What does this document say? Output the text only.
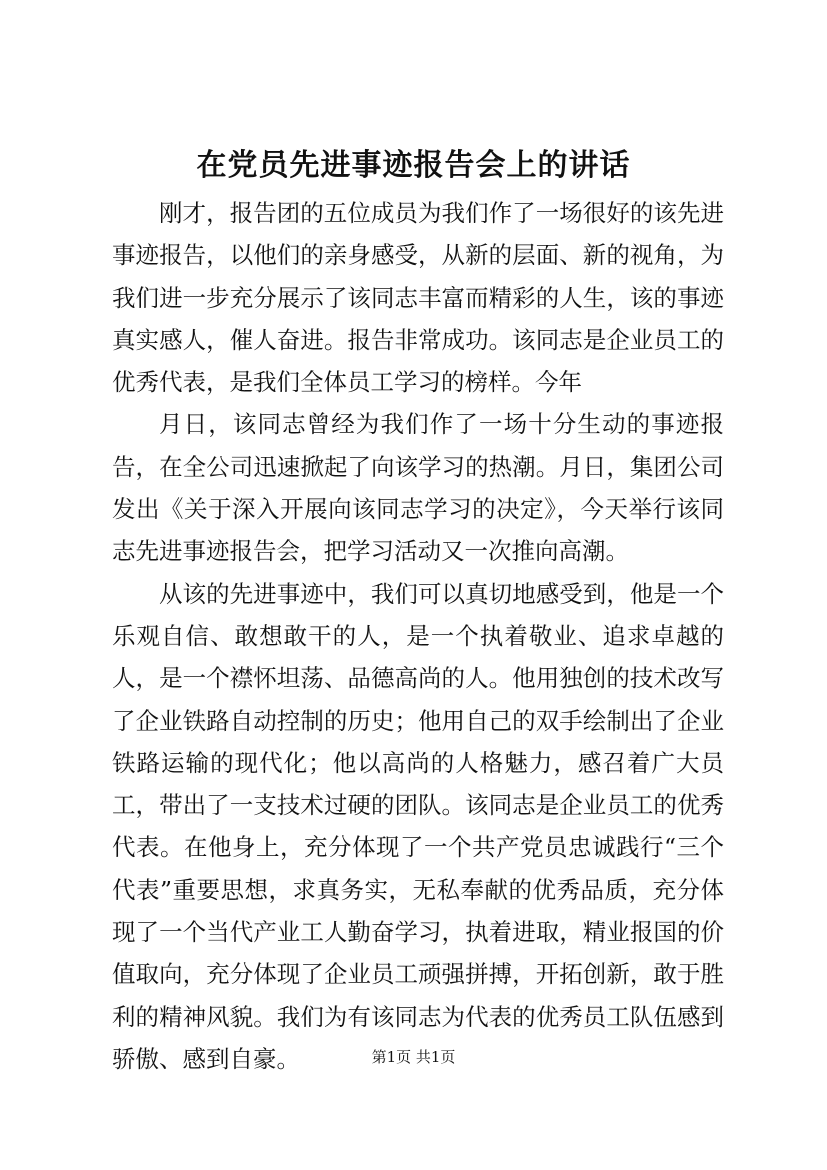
在党员先进事迹报告会上的讲话

刚才，报告团的五位成员为我们作了一场很好的该先进事迹报告，以他们的亲身感受，从新的层面、新的视角，为我们进一步充分展示了该同志丰富而精彩的人生，该的事迹真实感人，催人奋进。报告非常成功。该同志是企业员工的优秀代表，是我们全体员工学习的榜样。今年

月日，该同志曾经为我们作了一场十分生动的事迹报告，在全公司迅速掀起了向该学习的热潮。月日，集团公司发出《关于深入开展向该同志学习的决定》，今天举行该同志先进事迹报告会，把学习活动又一次推向高潮。

从该的先进事迹中，我们可以真切地感受到，他是一个乐观自信、敢想敢干的人，是一个执着敬业、追求卓越的人，是一个襟怀坦荡、品德高尚的人。他用独创的技术改写了企业铁路自动控制的历史；他用自己的双手绘制出了企业铁路运输的现代化；他以高尚的人格魅力，感召着广大员工，带出了一支技术过硬的团队。该同志是企业员工的优秀代表。在他身上，充分体现了一个共产党员忠诚践行“三个代表”重要思想，求真务实，无私奉献的优秀品质，充分体现了一个当代产业工人勤奋学习，执着进取，精业报国的价值取向，充分体现了企业员工顽强拼搏，开拓创新，敢于胜利的精神风貌。我们为有该同志为代表的优秀员工队伍感到骄傲、感到自豪。	第1页 共1页
